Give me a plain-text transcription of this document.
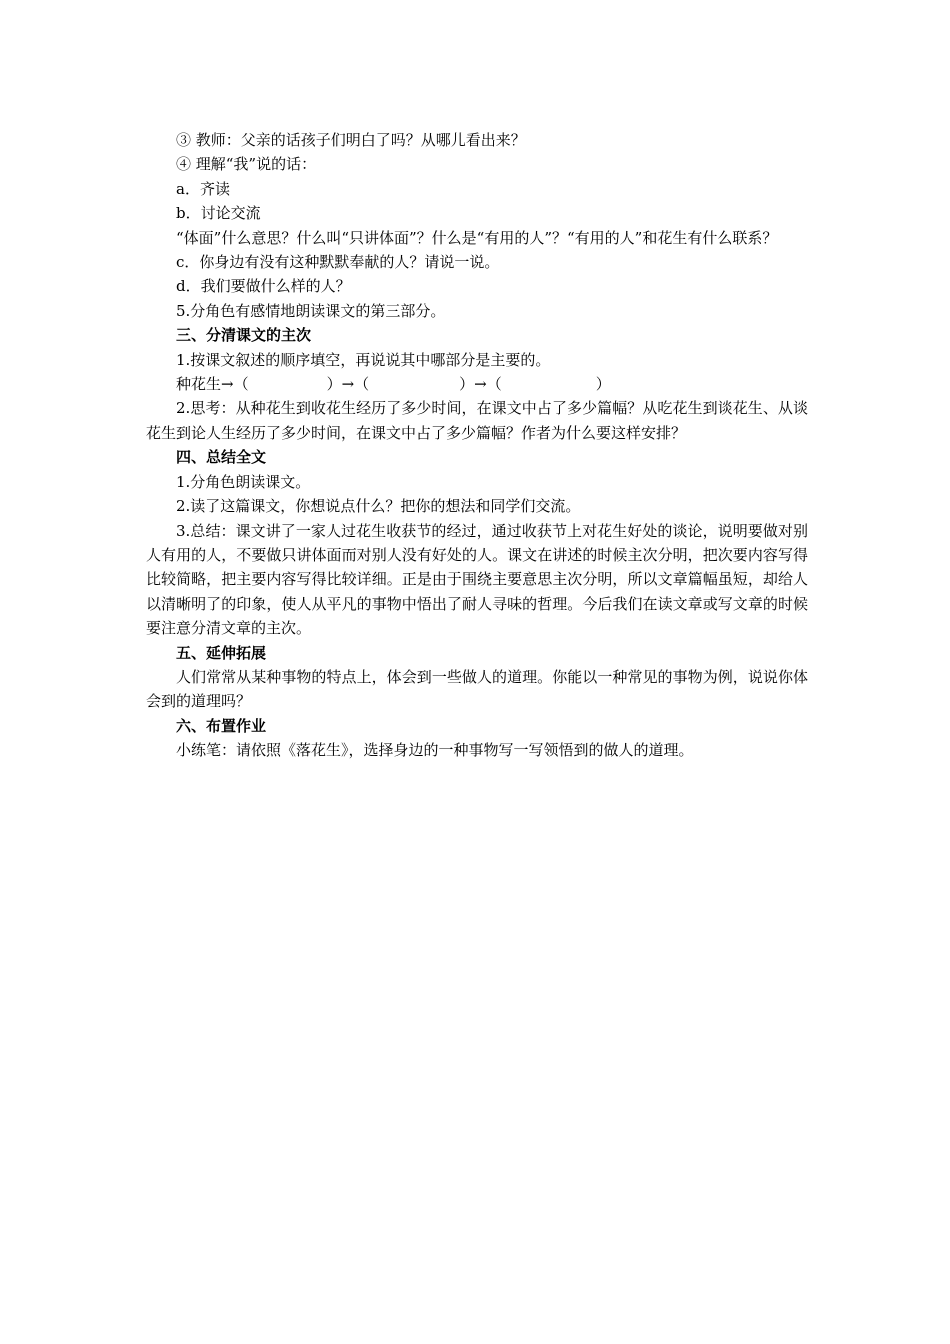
③ 教师：父亲的话孩子们明白了吗？从哪儿看出来？

④ 理解“我”说的话：

a．齐读

b．讨论交流

“体面”什么意思？什么叫“只讲体面”？什么是“有用的人”？“有用的人”和花生有什么联系？

c．你身边有没有这种默默奉献的人？请说一说。

d．我们要做什么样的人？

5.分角色有感情地朗读课文的第三部分。

三、分清课文的主次

1.按课文叙述的顺序填空，再说说其中哪部分是主要的。

种花生→（	）→（	）→（	）

2.思考：从种花生到收花生经历了多少时间，在课文中占了多少篇幅？从吃花生到谈花生、从谈花生到论人生经历了多少时间，在课文中占了多少篇幅？作者为什么要这样安排？

四、总结全文

1.分角色朗读课文。

2.读了这篇课文，你想说点什么？把你的想法和同学们交流。

3.总结：课文讲了一家人过花生收获节的经过，通过收获节上对花生好处的谈论，说明要做对别人有用的人，不要做只讲体面而对别人没有好处的人。课文在讲述的时候主次分明，把次要内容写得比较简略，把主要内容写得比较详细。正是由于围绕主要意思主次分明，所以文章篇幅虽短，却给人以清晰明了的印象，使人从平凡的事物中悟出了耐人寻味的哲理。今后我们在读文章或写文章的时候要注意分清文章的主次。

五、延伸拓展

人们常常从某种事物的特点上，体会到一些做人的道理。你能以一种常见的事物为例，说说你体会到的道理吗？

六、布置作业

小练笔：请依照《落花生》，选择身边的一种事物写一写领悟到的做人的道理。
